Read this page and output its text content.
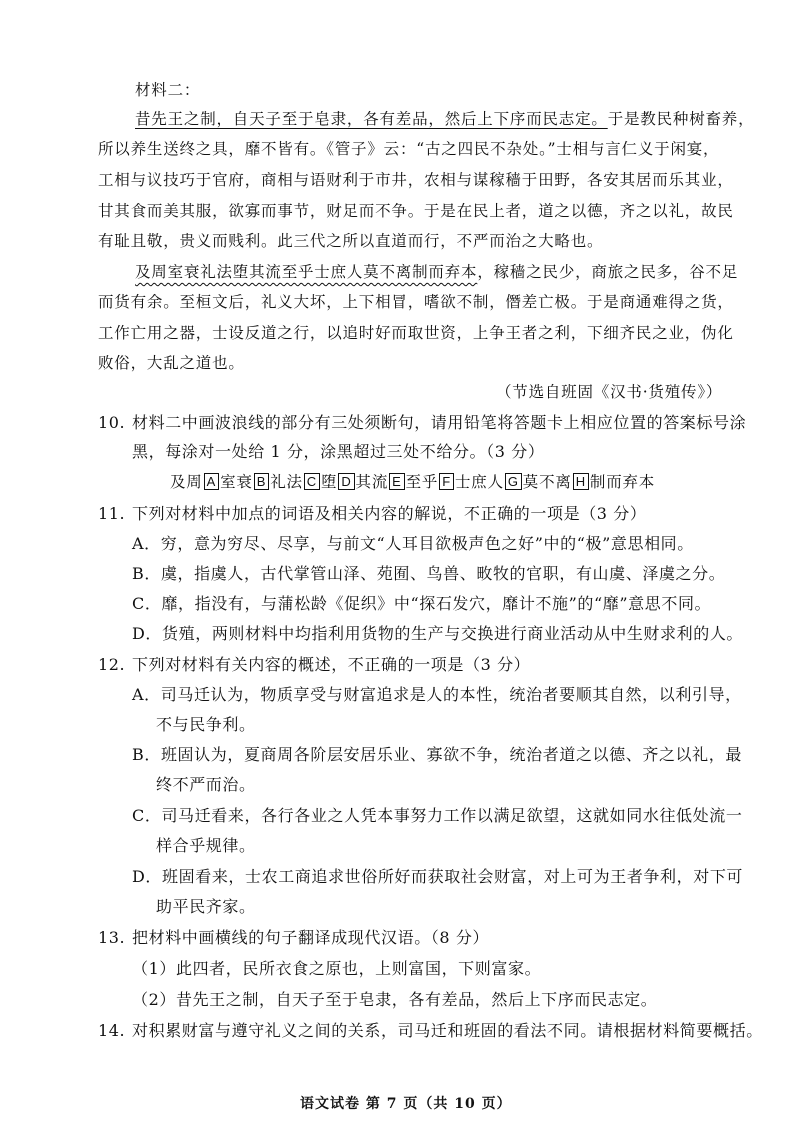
材料二：
昔先王之制，自天子至于皂隶，各有差品，然后上下序而民志定。于是教民种树畜养，
所以养生送终之具，靡不皆有。《管子》云：“古之四民不杂处。”士相与言仁义于闲宴，
工相与议技巧于官府，商相与语财利于市井，农相与谋稼穑于田野，各安其居而乐其业，
甘其食而美其服，欲寡而事节，财足而不争。于是在民上者，道之以德，齐之以礼，故民
有耻且敬，贵义而贱利。此三代之所以直道而行，不严而治之大略也。
及周室衰礼法堕其流至乎士庶人莫不离制而弃本，稼穑之民少，商旅之民多，谷不足
而货有余。至桓文后，礼义大坏，上下相冒，嗜欲不制，僭差亡极。于是商通难得之货，
工作亡用之器，士设反道之行，以追时好而取世资，上争王者之利，下细齐民之业，伪化
败俗，大乱之道也。
（节选自班固《汉书·货殖传》）
10. 材料二中画波浪线的部分有三处须断句，请用铅笔将答题卡上相应位置的答案标号涂
黑，每涂对一处给 1 分，涂黑超过三处不给分。（3 分）
及周 A 室衰 B 礼法 C 堕 D 其流 E 至乎 F 士庶人 G 莫不离 H 制而弃本
11. 下列对材料中加点的词语及相关内容的解说，不正确的一项是（3 分）
A．穷，意为穷尽、尽享，与前文“人耳目欲极声色之好”中的“极”意思相同。
B．虞，指虞人，古代掌管山泽、苑囿、鸟兽、畋牧的官职，有山虞、泽虞之分。
C．靡，指没有，与蒲松龄《促织》中“探石发穴，靡计不施”的“靡”意思不同。
D．货殖，两则材料中均指利用货物的生产与交换进行商业活动从中生财求利的人。
12. 下列对材料有关内容的概述，不正确的一项是（3 分）
A．司马迁认为，物质享受与财富追求是人的本性，统治者要顺其自然，以利引导，
不与民争利。
B．班固认为，夏商周各阶层安居乐业、寡欲不争，统治者道之以德、齐之以礼，最
终不严而治。
C．司马迁看来，各行各业之人凭本事努力工作以满足欲望，这就如同水往低处流一
样合乎规律。
D．班固看来，士农工商追求世俗所好而获取社会财富，对上可为王者争利，对下可
助平民齐家。
13. 把材料中画横线的句子翻译成现代汉语。（8 分）
（1）此四者，民所衣食之原也，上则富国，下则富家。
（2）昔先王之制，自天子至于皂隶，各有差品，然后上下序而民志定。
14. 对积累财富与遵守礼义之间的关系，司马迁和班固的看法不同。请根据材料简要概括。
语文试卷 第 7 页（共 10 页）
